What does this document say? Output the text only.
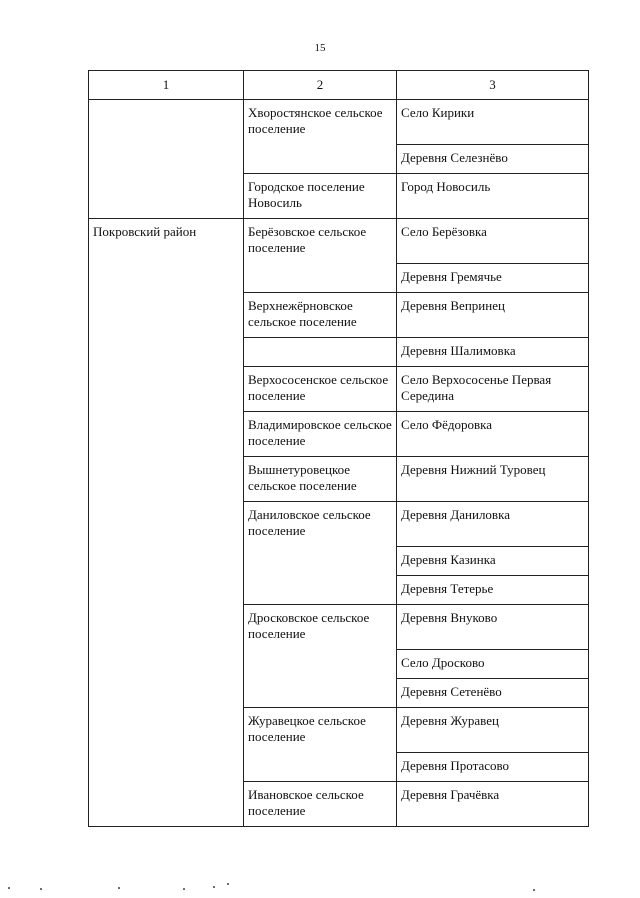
15
1	2	3
	Хворостянское сельское поселение	Село Кирики
		Деревня Селезнёво
	Городское поселение Новосиль	Город Новосиль
Покровский район	Берёзовское сельское поселение	Село Берёзовка
		Деревня Гремячье
	Верхнежёрновское сельское поселение	Деревня Вепринец
		Деревня Шалимовка
	Верхососенское сельское поселение	Село Верхососенье Первая Середина
	Владимировское сельское поселение	Село Фёдоровка
	Вышнетуровецкое сельское поселение	Деревня Нижний Туровец
	Даниловское сельское поселение	Деревня Даниловка
		Деревня Казинка
		Деревня Тетерье
	Дросковское сельское поселение	Деревня Внуково
		Село Дросково
		Деревня Сетенёво
	Журавецкое сельское поселение	Деревня Журавец
		Деревня Протасово
	Ивановское сельское поселение	Деревня Грачёвка
